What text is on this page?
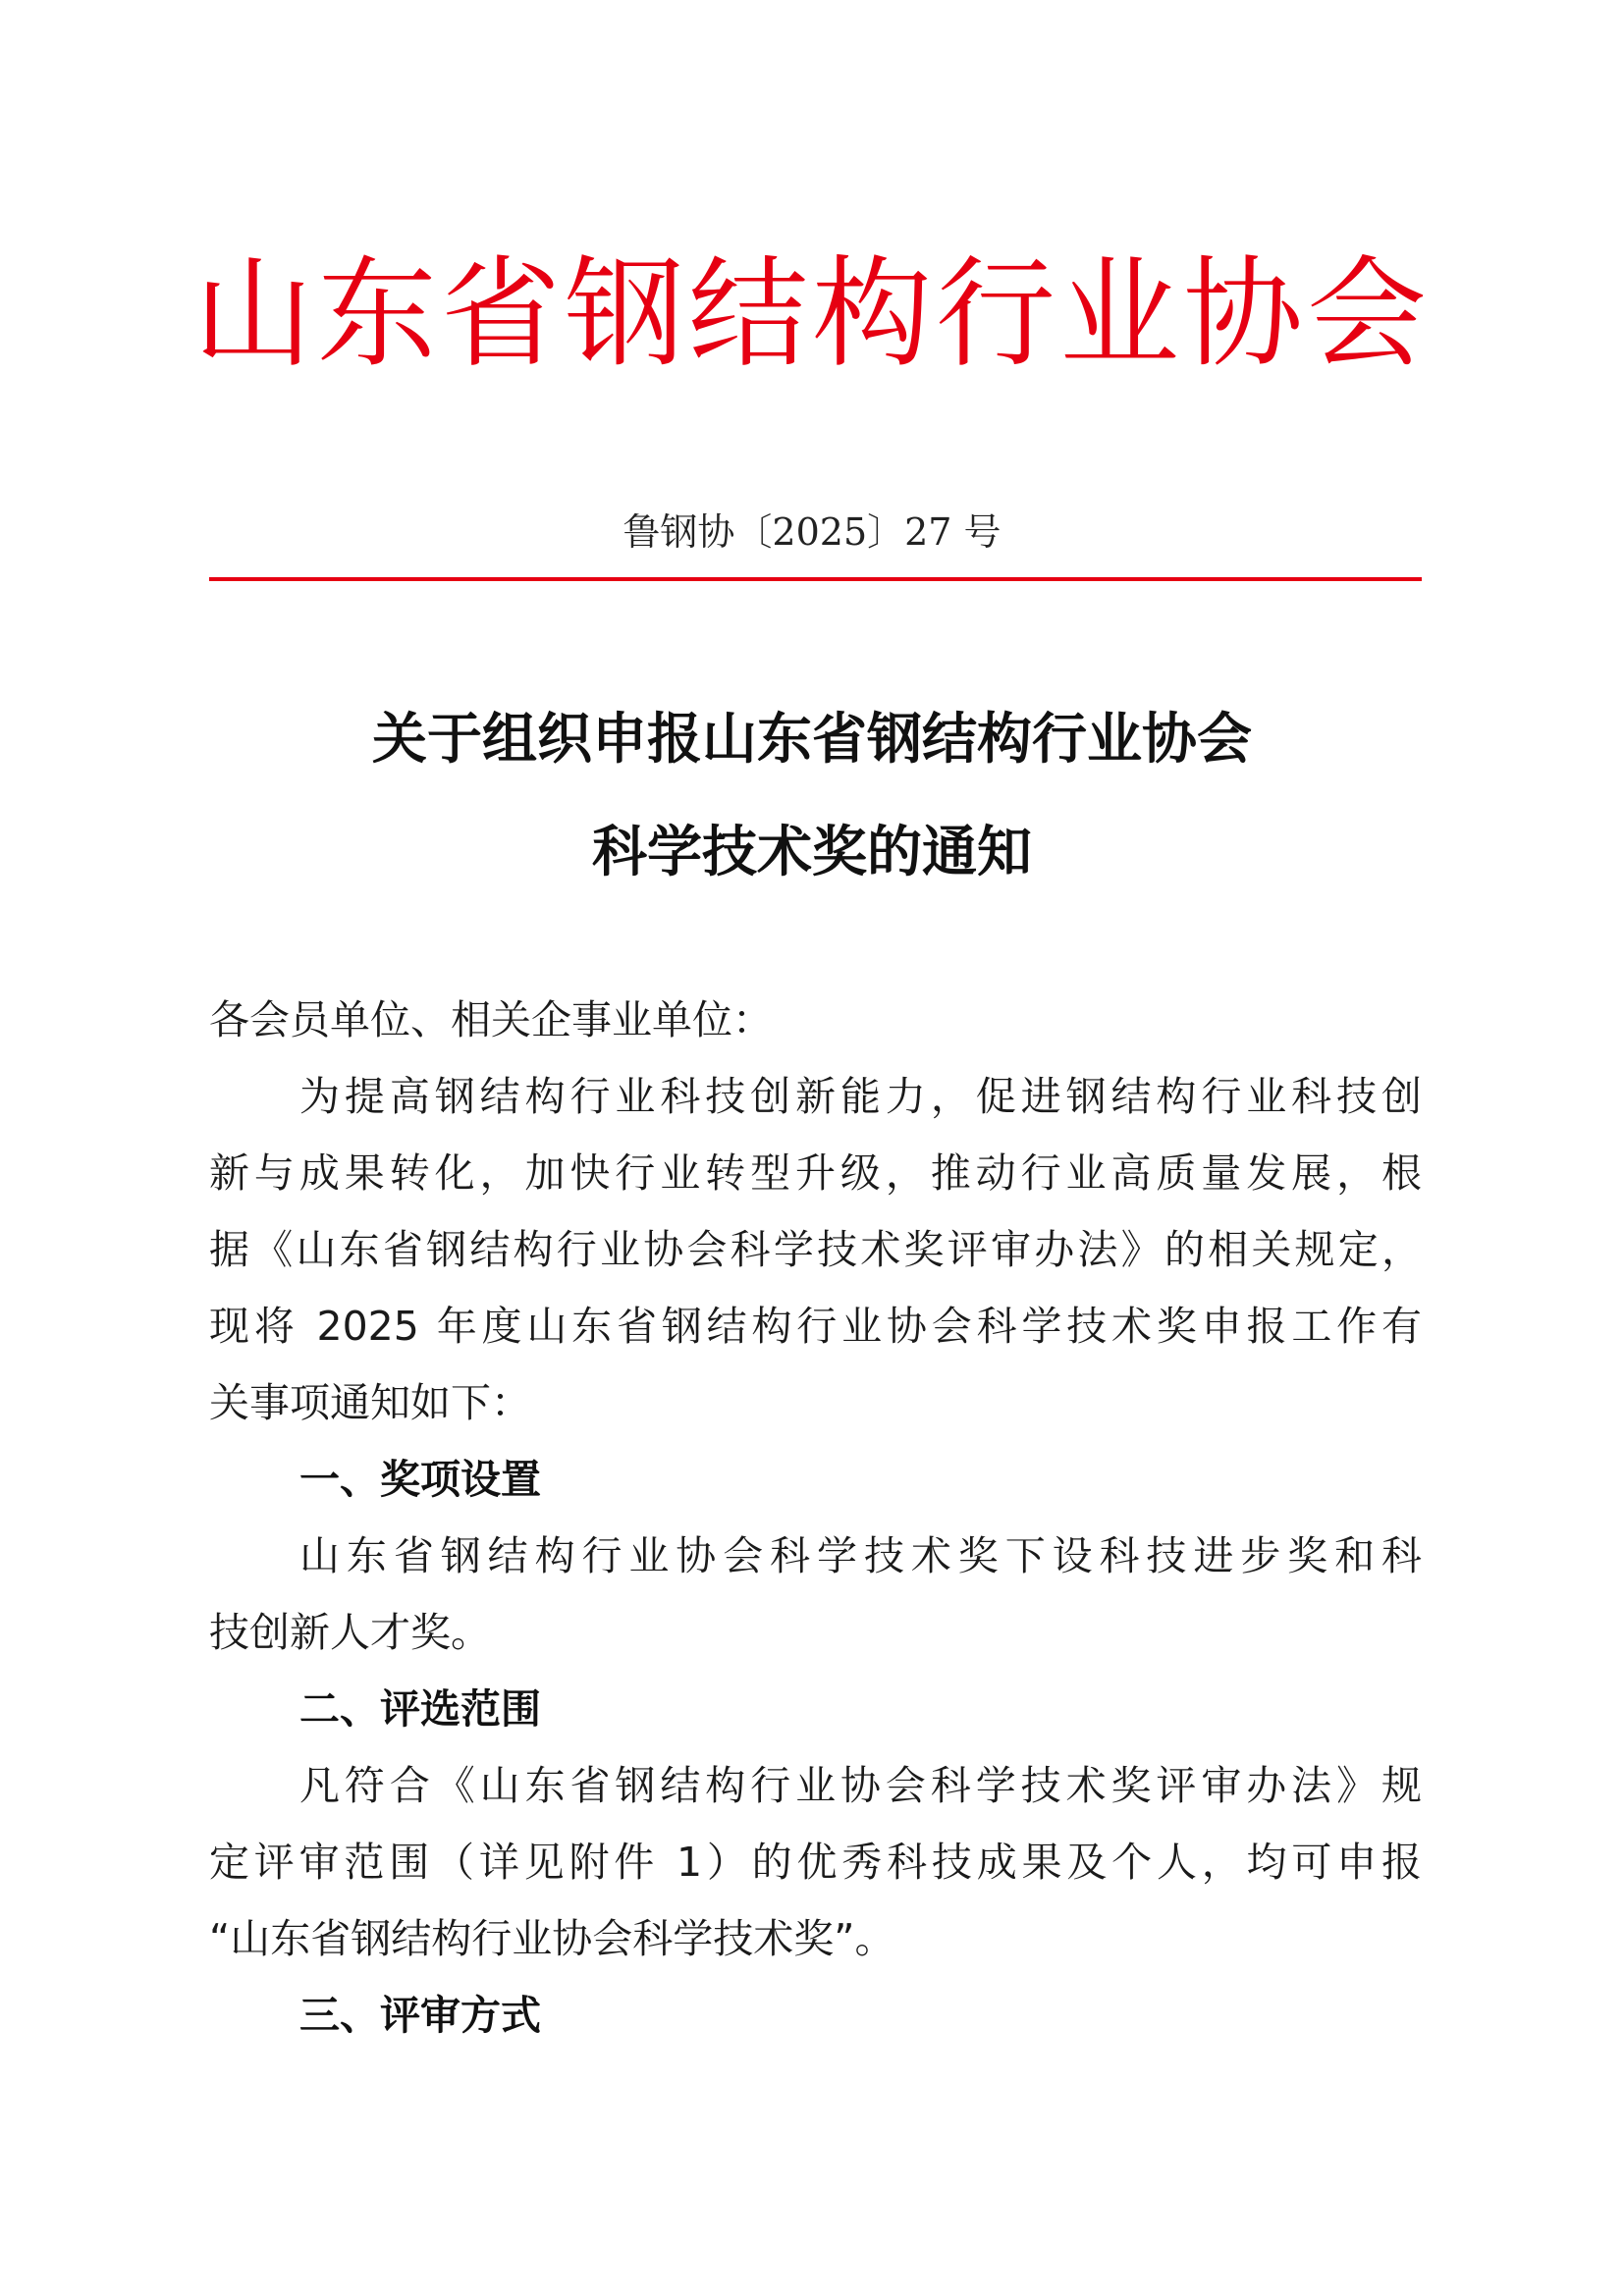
山东省钢结构行业协会
鲁钢协〔2025〕27 号
关于组织申报山东省钢结构行业协会
科学技术奖的通知
各会员单位、相关企事业单位：
为提高钢结构行业科技创新能力，促进钢结构行业科技创
新与成果转化，加快行业转型升级，推动行业高质量发展，根
据《山东省钢结构行业协会科学技术奖评审办法》的相关规定，
现将 2025 年度山东省钢结构行业协会科学技术奖申报工作有
关事项通知如下：
一、奖项设置
山东省钢结构行业协会科学技术奖下设科技进步奖和科
技创新人才奖。
二、评选范围
凡符合《山东省钢结构行业协会科学技术奖评审办法》规
定评审范围（详见附件 1）的优秀科技成果及个人，均可申报
“山东省钢结构行业协会科学技术奖”。
三、评审方式
